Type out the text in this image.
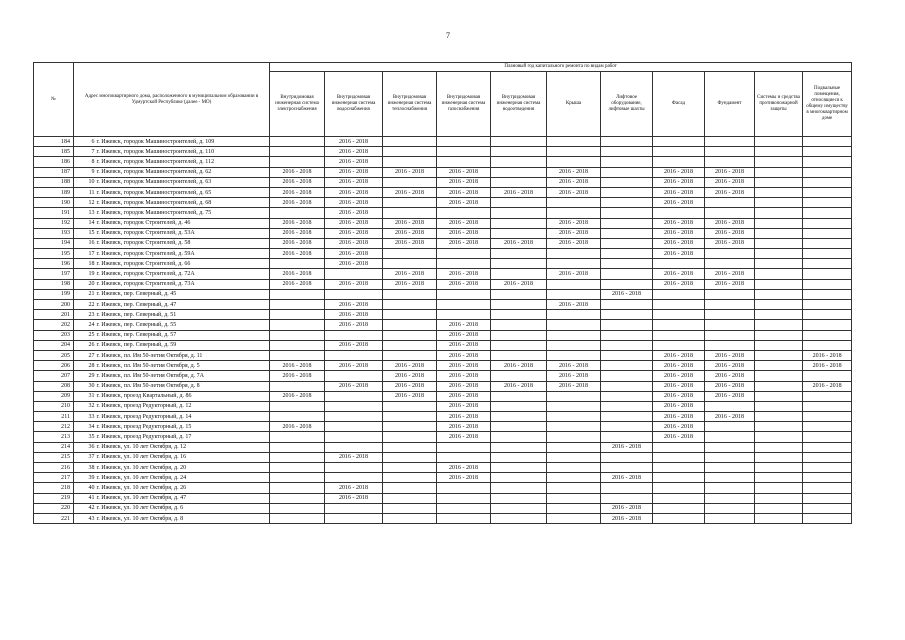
7
№	Адрес многоквартирного дома, расположенного в муниципальном образовании в Удмуртской Республике (далее - МО)		Плановый год капитального ремонта по видам работ										
			Внутридомовая инженерная система электроснабжения	Внутридомовая инженерная система водоснабжения	Внутридомовая инженерная система теплоснабжения	Внутридомовая инженерная система газоснабжения	Внутридомовая инженерная система водоотведения	Крыша	Лифтовое оборудование, лифтовые шахты	Фасад	Фундамент	Системы и средства противопожарной защиты	Подвальные помещения, относящиеся к общему имуществу в многоквартирном доме
184	6	г. Ижевск, городок Машиностроителей, д. 109		2016 - 2018									
185	7	г. Ижевск, городок Машиностроителей, д. 110		2016 - 2018									
186	8	г. Ижевск, городок Машиностроителей, д. 112		2016 - 2018									
187	9	г. Ижевск, городок Машиностроителей, д. 62	2016 - 2018	2016 - 2018	2016 - 2018	2016 - 2018		2016 - 2018		2016 - 2018	2016 - 2018		
188	10	г. Ижевск, городок Машиностроителей, д. 63	2016 - 2018	2016 - 2018		2016 - 2018		2016 - 2018		2016 - 2018	2016 - 2018		
189	11	г. Ижевск, городок Машиностроителей, д. 65	2016 - 2018	2016 - 2018	2016 - 2018	2016 - 2018	2016 - 2018	2016 - 2018		2016 - 2018	2016 - 2018		
190	12	г. Ижевск, городок Машиностроителей, д. 68	2016 - 2018	2016 - 2018		2016 - 2018				2016 - 2018			
191	13	г. Ижевск, городок Машиностроителей, д. 75		2016 - 2018									
192	14	г. Ижевск, городок Строителей, д. 46	2016 - 2018	2016 - 2018	2016 - 2018	2016 - 2018		2016 - 2018		2016 - 2018	2016 - 2018		
193	15	г. Ижевск, городок Строителей, д. 53А	2016 - 2018	2016 - 2018	2016 - 2018	2016 - 2018		2016 - 2018		2016 - 2018	2016 - 2018		
194	16	г. Ижевск, городок Строителей, д. 58	2016 - 2018	2016 - 2018	2016 - 2018	2016 - 2018	2016 - 2018	2016 - 2018		2016 - 2018	2016 - 2018		
195	17	г. Ижевск, городок Строителей, д. 59А	2016 - 2018	2016 - 2018						2016 - 2018			
196	18	г. Ижевск, городок Строителей, д. 66		2016 - 2018									
197	19	г. Ижевск, городок Строителей, д. 72А	2016 - 2018		2016 - 2018	2016 - 2018		2016 - 2018		2016 - 2018	2016 - 2018		
198	20	г. Ижевск, городок Строителей, д. 73А	2016 - 2018	2016 - 2018	2016 - 2018	2016 - 2018	2016 - 2018			2016 - 2018	2016 - 2018		
199	21	г. Ижевск, пер. Северный, д. 45							2016 - 2018				
200	22	г. Ижевск, пер. Северный, д. 47		2016 - 2018				2016 - 2018					
201	23	г. Ижевск, пер. Северный, д. 51		2016 - 2018									
202	24	г. Ижевск, пер. Северный, д. 55		2016 - 2018		2016 - 2018							
203	25	г. Ижевск, пер. Северный, д. 57				2016 - 2018							
204	26	г. Ижевск, пер. Северный, д. 59		2016 - 2018		2016 - 2018							
205	27	г. Ижевск, пл. Им 50-летия Октября, д. 11				2016 - 2018				2016 - 2018	2016 - 2018		2016 - 2018
206	28	г. Ижевск, пл. Им 50-летия Октября, д. 5	2016 - 2018	2016 - 2018	2016 - 2018	2016 - 2018	2016 - 2018	2016 - 2018		2016 - 2018	2016 - 2018		2016 - 2018
207	29	г. Ижевск, пл. Им 50-летия Октября, д. 7А	2016 - 2018		2016 - 2018	2016 - 2018		2016 - 2018		2016 - 2018	2016 - 2018		
208	30	г. Ижевск, пл. Им 50-летия Октября, д. 8		2016 - 2018	2016 - 2018	2016 - 2018	2016 - 2018	2016 - 2018		2016 - 2018	2016 - 2018		2016 - 2018
209	31	г. Ижевск, проезд Квартальный, д. 86	2016 - 2018		2016 - 2018	2016 - 2018				2016 - 2018	2016 - 2018		
210	32	г. Ижевск, проезд Редукторный, д. 12				2016 - 2018				2016 - 2018			
211	33	г. Ижевск, проезд Редукторный, д. 14				2016 - 2018				2016 - 2018	2016 - 2018		
212	34	г. Ижевск, проезд Редукторный, д. 15	2016 - 2018			2016 - 2018				2016 - 2018			
213	35	г. Ижевск, проезд Редукторный, д. 17				2016 - 2018				2016 - 2018			
214	36	г. Ижевск, ул. 10 лет Октября, д. 12							2016 - 2018				
215	37	г. Ижевск, ул. 10 лет Октября, д. 16		2016 - 2018									
216	38	г. Ижевск, ул. 10 лет Октября, д. 20				2016 - 2018							
217	39	г. Ижевск, ул. 10 лет Октября, д. 24				2016 - 2018			2016 - 2018				
218	40	г. Ижевск, ул. 10 лет Октября, д. 26		2016 - 2018									
219	41	г. Ижевск, ул. 10 лет Октября, д. 47		2016 - 2018									
220	42	г. Ижевск, ул. 10 лет Октября, д. 6							2016 - 2018				
221	43	г. Ижевск, ул. 10 лет Октября, д. 8							2016 - 2018				
